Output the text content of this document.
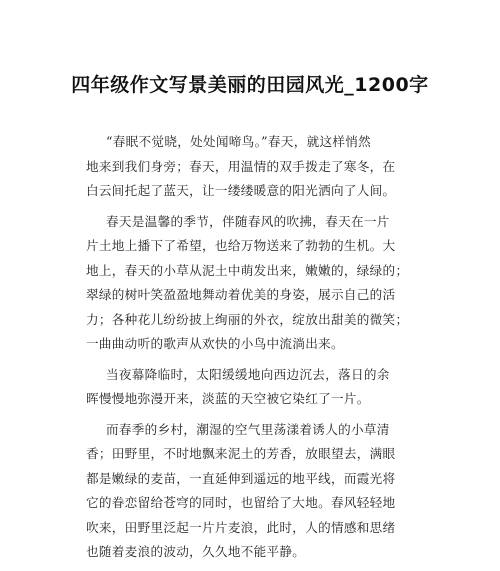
四年级作文写景美丽的田园风光_1200字

“春眠不觉晓，处处闻啼鸟。”春天，就这样悄然
地来到我们身旁；春天，用温情的双手拨走了寒冬，在
白云间托起了蓝天，让一缕缕暖意的阳光洒向了人间。

春天是温馨的季节，伴随春风的吹拂，春天在一片
片土地上播下了希望，也给万物送来了勃勃的生机。大
地上，春天的小草从泥土中萌发出来，嫩嫩的，绿绿的；
翠绿的树叶笑盈盈地舞动着优美的身姿，展示自己的活
力；各种花儿纷纷披上绚丽的外衣，绽放出甜美的微笑；
一曲曲动听的歌声从欢快的小鸟中流淌出来。

当夜幕降临时，太阳缓缓地向西边沉去，落日的余
晖慢慢地弥漫开来，淡蓝的天空被它染红了一片。

而春季的乡村，潮湿的空气里荡漾着诱人的小草清
香；田野里，不时地飘来泥土的芳香，放眼望去，满眼
都是嫩绿的麦苗，一直延伸到遥远的地平线，而霞光将
它的眷恋留给苍穹的同时，也留给了大地。春风轻轻地
吹来，田野里泛起一片片麦浪，此时，人的情感和思绪
也随着麦浪的波动，久久地不能平静。
